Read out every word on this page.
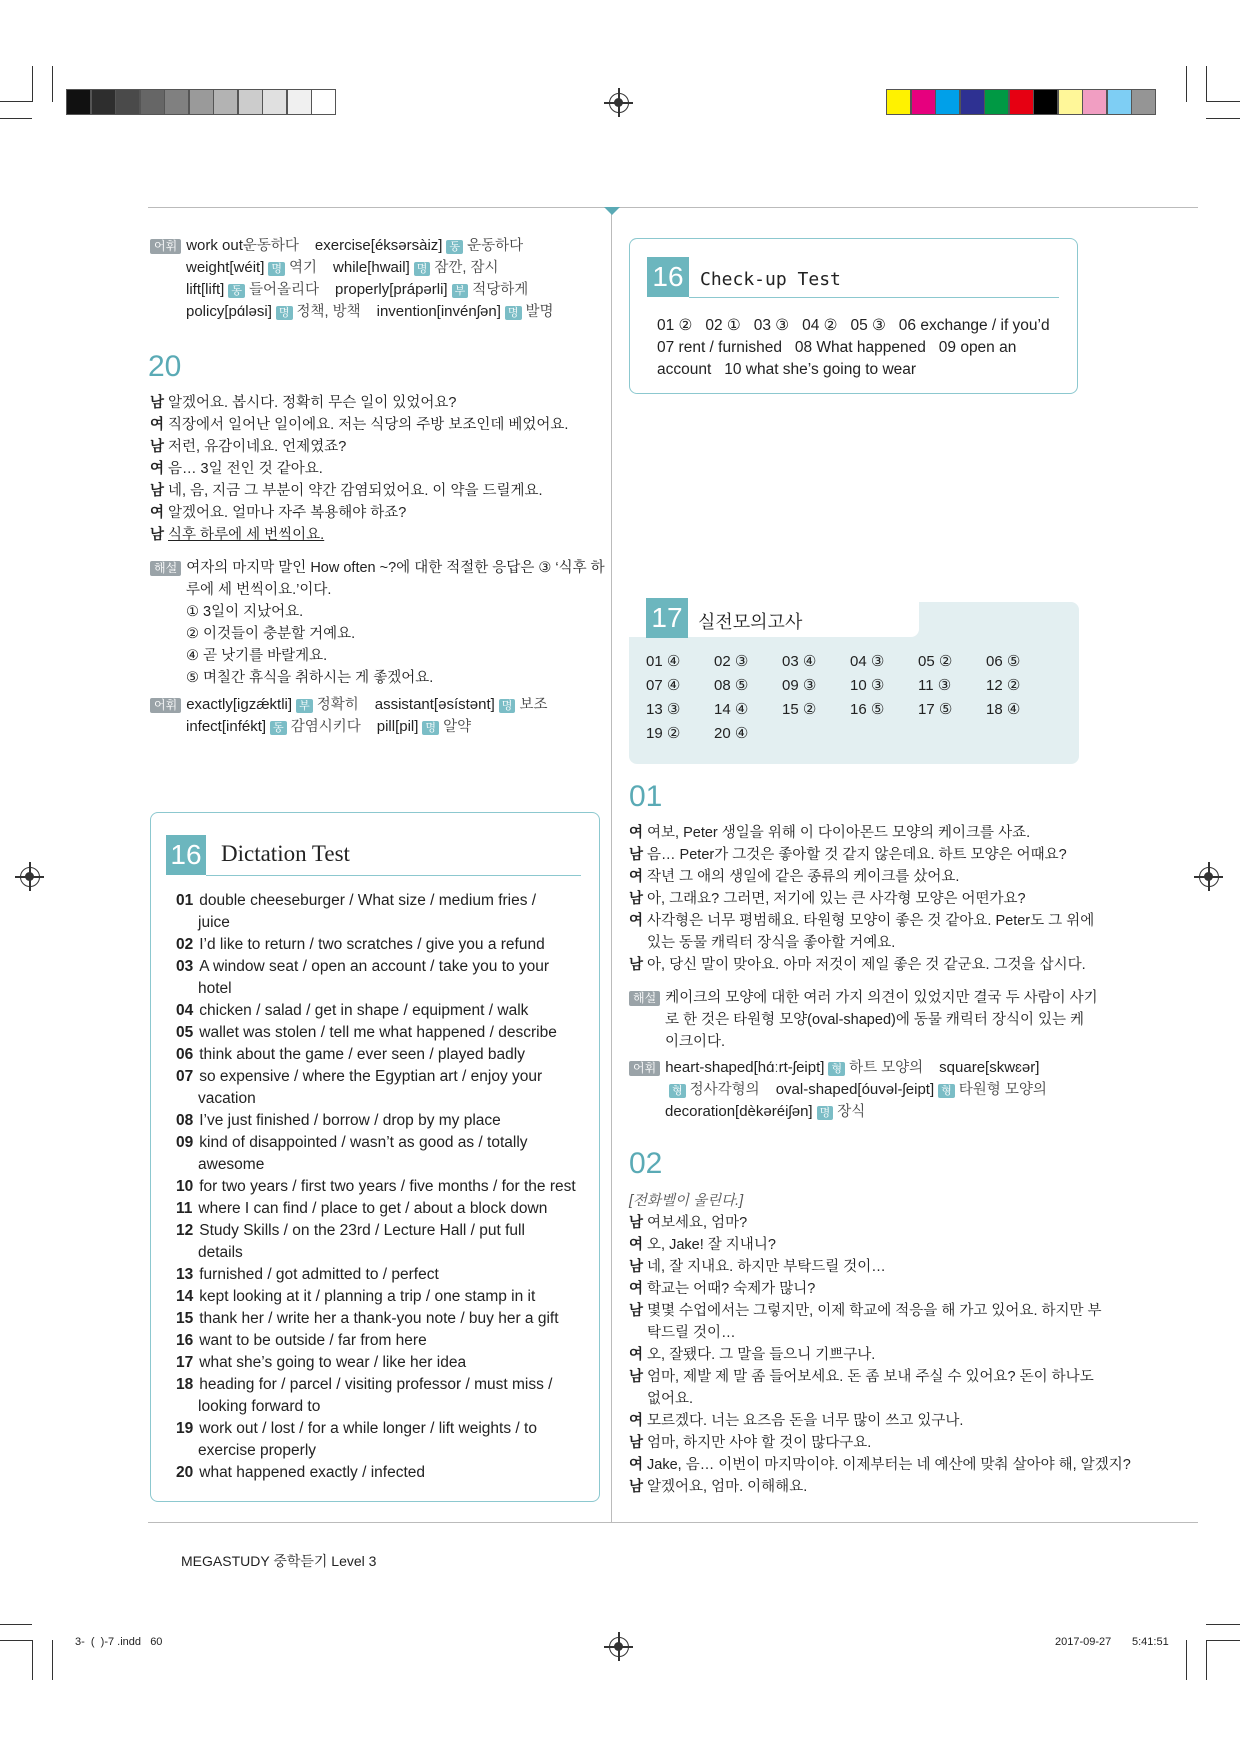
어휘 work out운동하다 exercise[éksərsàiz] 동 운동하다
weight[wéit] 명 역기 while[hwail] 명 잠깐, 잠시
lift[lift] 동 들어올리다 properly[prápərli] 부 적당하게
policy[pɑ́ləsi] 명 정책, 방책 invention[invénʃən] 명 발명
20
남 알겠어요. 봅시다. 정확히 무슨 일이 있었어요?
여 직장에서 일어난 일이에요. 저는 식당의 주방 보조인데 베었어요.
남 저런, 유감이네요. 언제였죠?
여 음… 3일 전인 것 같아요.
남 네, 음, 지금 그 부분이 약간 감염되었어요. 이 약을 드릴게요.
여 알겠어요. 얼마나 자주 복용해야 하죠?
남 식후 하루에 세 번씩이요.
해설 여자의 마지막 말인 How often ~?에 대한 적절한 응답은 ③ ‘식후 하
루에 세 번씩이요.’이다.
① 3일이 지났어요.
② 이것들이 충분할 거예요.
④ 곧 낫기를 바랄게요.
⑤ 며칠간 휴식을 취하시는 게 좋겠어요.
어휘 exactly[igzǽktli] 부 정확히 assistant[əsístənt] 명 보조
infect[infékt] 동 감염시키다 pill[pil] 명 알약
16 Dictation Test
01 double cheeseburger / What size / medium fries /
juice
02 I’d like to return / two scratches / give you a refund
03 A window seat / open an account / take you to your
hotel
04 chicken / salad / get in shape / equipment / walk
05 wallet was stolen / tell me what happened / describe
06 think about the game / ever seen / played badly
07 so expensive / where the Egyptian art / enjoy your
vacation
08 I’ve just finished / borrow / drop by my place
09 kind of disappointed / wasn’t as good as / totally
awesome
10 for two years / first two years / five months / for the rest
11 where I can find / place to get / about a block down
12 Study Skills / on the 23rd / Lecture Hall / put full
details
13 furnished / got admitted to / perfect
14 kept looking at it / planning a trip / one stamp in it
15 thank her / write her a thank-you note / buy her a gift
16 want to be outside / far from here
17 what she’s going to wear / like her idea
18 heading for / parcel / visiting professor / must miss /
looking forward to
19 work out / lost / for a while longer / lift weights / to
exercise properly
20 what happened exactly / infected
16 Check-up Test
01 ②   02 ①   03 ③   04 ②   05 ③   06 exchange / if you’d
07 rent / furnished   08 What happened   09 open an
account   10 what she’s going to wear
17 실전모의고사
01 ④ 02 ③ 03 ④ 04 ③ 05 ② 06 ⑤
07 ④ 08 ⑤ 09 ③ 10 ③ 11 ③ 12 ②
13 ③ 14 ④ 15 ② 16 ⑤ 17 ⑤ 18 ④
19 ② 20 ④
01
여 여보, Peter 생일을 위해 이 다이아몬드 모양의 케이크를 사죠.
남 음… Peter가 그것은 좋아할 것 같지 않은데요. 하트 모양은 어때요?
여 작년 그 애의 생일에 같은 종류의 케이크를 샀어요.
남 아, 그래요? 그러면, 저기에 있는 큰 사각형 모양은 어떤가요?
여 사각형은 너무 평범해요. 타원형 모양이 좋은 것 같아요. Peter도 그 위에
있는 동물 캐릭터 장식을 좋아할 거예요.
남 아, 당신 말이 맞아요. 아마 저것이 제일 좋은 것 같군요. 그것을 삽시다.
해설 케이크의 모양에 대한 여러 가지 의견이 있었지만 결국 두 사람이 사기
로 한 것은 타원형 모양(oval-shaped)에 동물 캐릭터 장식이 있는 케
이크이다.
어휘 heart-shaped[hɑ́ːrt-ʃeipt] 형 하트 모양의 square[skwɛər]
형 정사각형의 oval-shaped[óuvəl-ʃeipt] 형 타원형 모양의
decoration[dèkəréiʃən] 명 장식
02
[전화벨이 울린다.]
남 여보세요, 엄마?
여 오, Jake! 잘 지내니?
남 네, 잘 지내요. 하지만 부탁드릴 것이…
여 학교는 어때? 숙제가 많니?
남 몇몇 수업에서는 그렇지만, 이제 학교에 적응을 해 가고 있어요. 하지만 부
탁드릴 것이…
여 오, 잘됐다. 그 말을 들으니 기쁘구나.
남 엄마, 제발 제 말 좀 들어보세요. 돈 좀 보내 주실 수 있어요? 돈이 하나도
없어요.
여 모르겠다. 너는 요즈음 돈을 너무 많이 쓰고 있구나.
남 엄마, 하지만 사야 할 것이 많다구요.
여 Jake, 음… 이번이 마지막이야. 이제부터는 네 예산에 맞춰 살아야 해, 알겠지?
남 알겠어요, 엄마. 이해해요.
MEGASTUDY 중학듣기 Level 3
3-  (  )-7 .indd   60	2017-09-27 5:41:51
